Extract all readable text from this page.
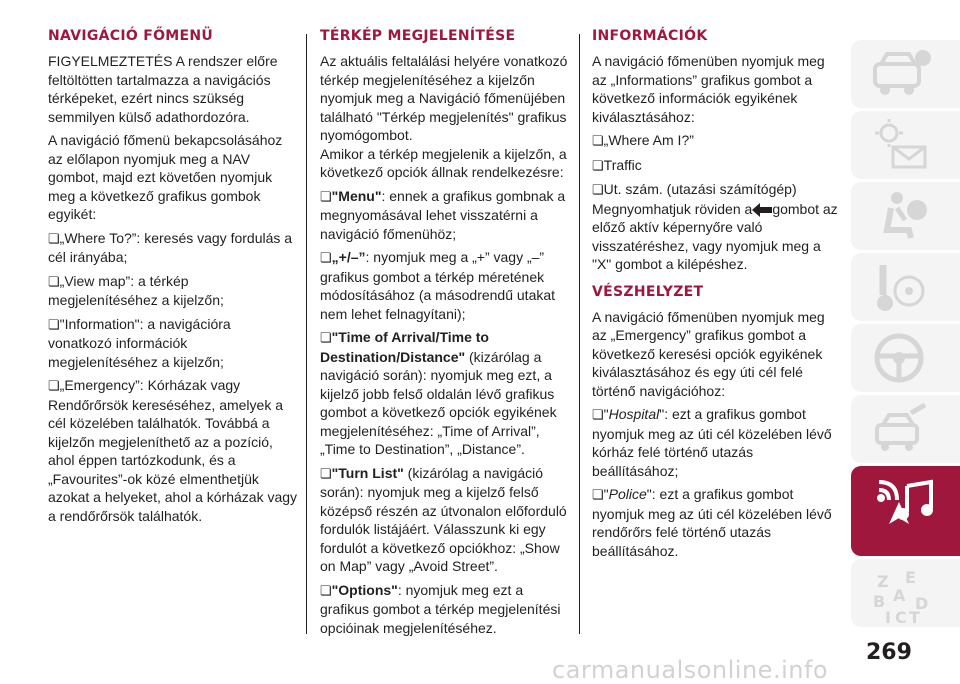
NAVIGÁCIÓ FŐMENÜ

FIGYELMEZTETÉS A rendszer előre feltöltötten tartalmazza a navigációs térképeket, ezért nincs szükség semmilyen külső adathordozóra.

A navigáció főmenü bekapcsolásához az előlapon nyomjuk meg a NAV gombot, majd ezt követően nyomjuk meg a következő grafikus gombok egyikét:

❏ „Where To?”: keresés vagy fordulás a cél irányába;

❏ „View map”: a térkép megjelenítéséhez a kijelzőn;

❏ "Information": a navigációra vonatkozó információk megjelenítéséhez a kijelzőn;

❏ „Emergency”: Kórházak vagy Rendőrőrsök kereséséhez, amelyek a cél közelében találhatók. Továbbá a kijelzőn megjeleníthető az a pozíció, ahol éppen tartózkodunk, és a „Favourites”-ok közé elmenthetjük azokat a helyeket, ahol a kórházak vagy a rendőrőrsök találhatók.

TÉRKÉP MEGJELENÍTÉSE

Az aktuális feltalálási helyére vonatkozó térkép megjelenítéséhez a kijelzőn nyomjuk meg a Navigáció főmenüjében található "Térkép megjelenítés" grafikus nyomógombot.

Amikor a térkép megjelenik a kijelzőn, a következő opciók állnak rendelkezésre:

❏ "Menu": ennek a grafikus gombnak a megnyomásával lehet visszatérni a navigáció főmenühöz;

❏ „+/–”: nyomjuk meg a „+” vagy „–” grafikus gombot a térkép méretének módosításához (a másodrendű utakat nem lehet felnagyítani);

❏ "Time of Arrival/Time to Destination/Distance" (kizárólag a navigáció során): nyomjuk meg ezt, a kijelző jobb felső oldalán lévő grafikus gombot a következő opciók egyikének megjelenítéséhez: „Time of Arrival”, „Time to Destination”, „Distance”.

❏ "Turn List" (kizárólag a navigáció során): nyomjuk meg a kijelző felső középső részén az útvonalon előforduló fordulók listájáért. Válasszunk ki egy fordulót a következő opciókhoz: „Show on Map” vagy „Avoid Street”.

❏ "Options": nyomjuk meg ezt a grafikus gombot a térkép megjelenítési opcióinak megjelenítéséhez.

INFORMÁCIÓK

A navigáció főmenüben nyomjuk meg az „Informations” grafikus gombot a következő információk egyikének kiválasztásához:

❏ „Where Am I?”

❏ Traffic

❏ Ut. szám. (utazási számítógép) Megnyomhatjuk röviden a gombot az előző aktív képernyőre való visszatéréshez, vagy nyomjuk meg a "X" gombot a kilépéshez.

VÉSZHELYZET

A navigáció főmenüben nyomjuk meg az „Emergency” grafikus gombot a következő keresési opciók egyikének kiválasztásához és egy úti cél felé történő navigációhoz:

❏ "Hospital": ezt a grafikus gombot nyomjuk meg az úti cél közelében lévő kórház felé történő utazás beállításához;

❏ "Police": ezt a grafikus gombot nyomjuk meg az úti cél közelében lévő rendőrőrs felé történő utazás beállításához.

Z E
B A D
I C T
269
carmanualsonline.info
